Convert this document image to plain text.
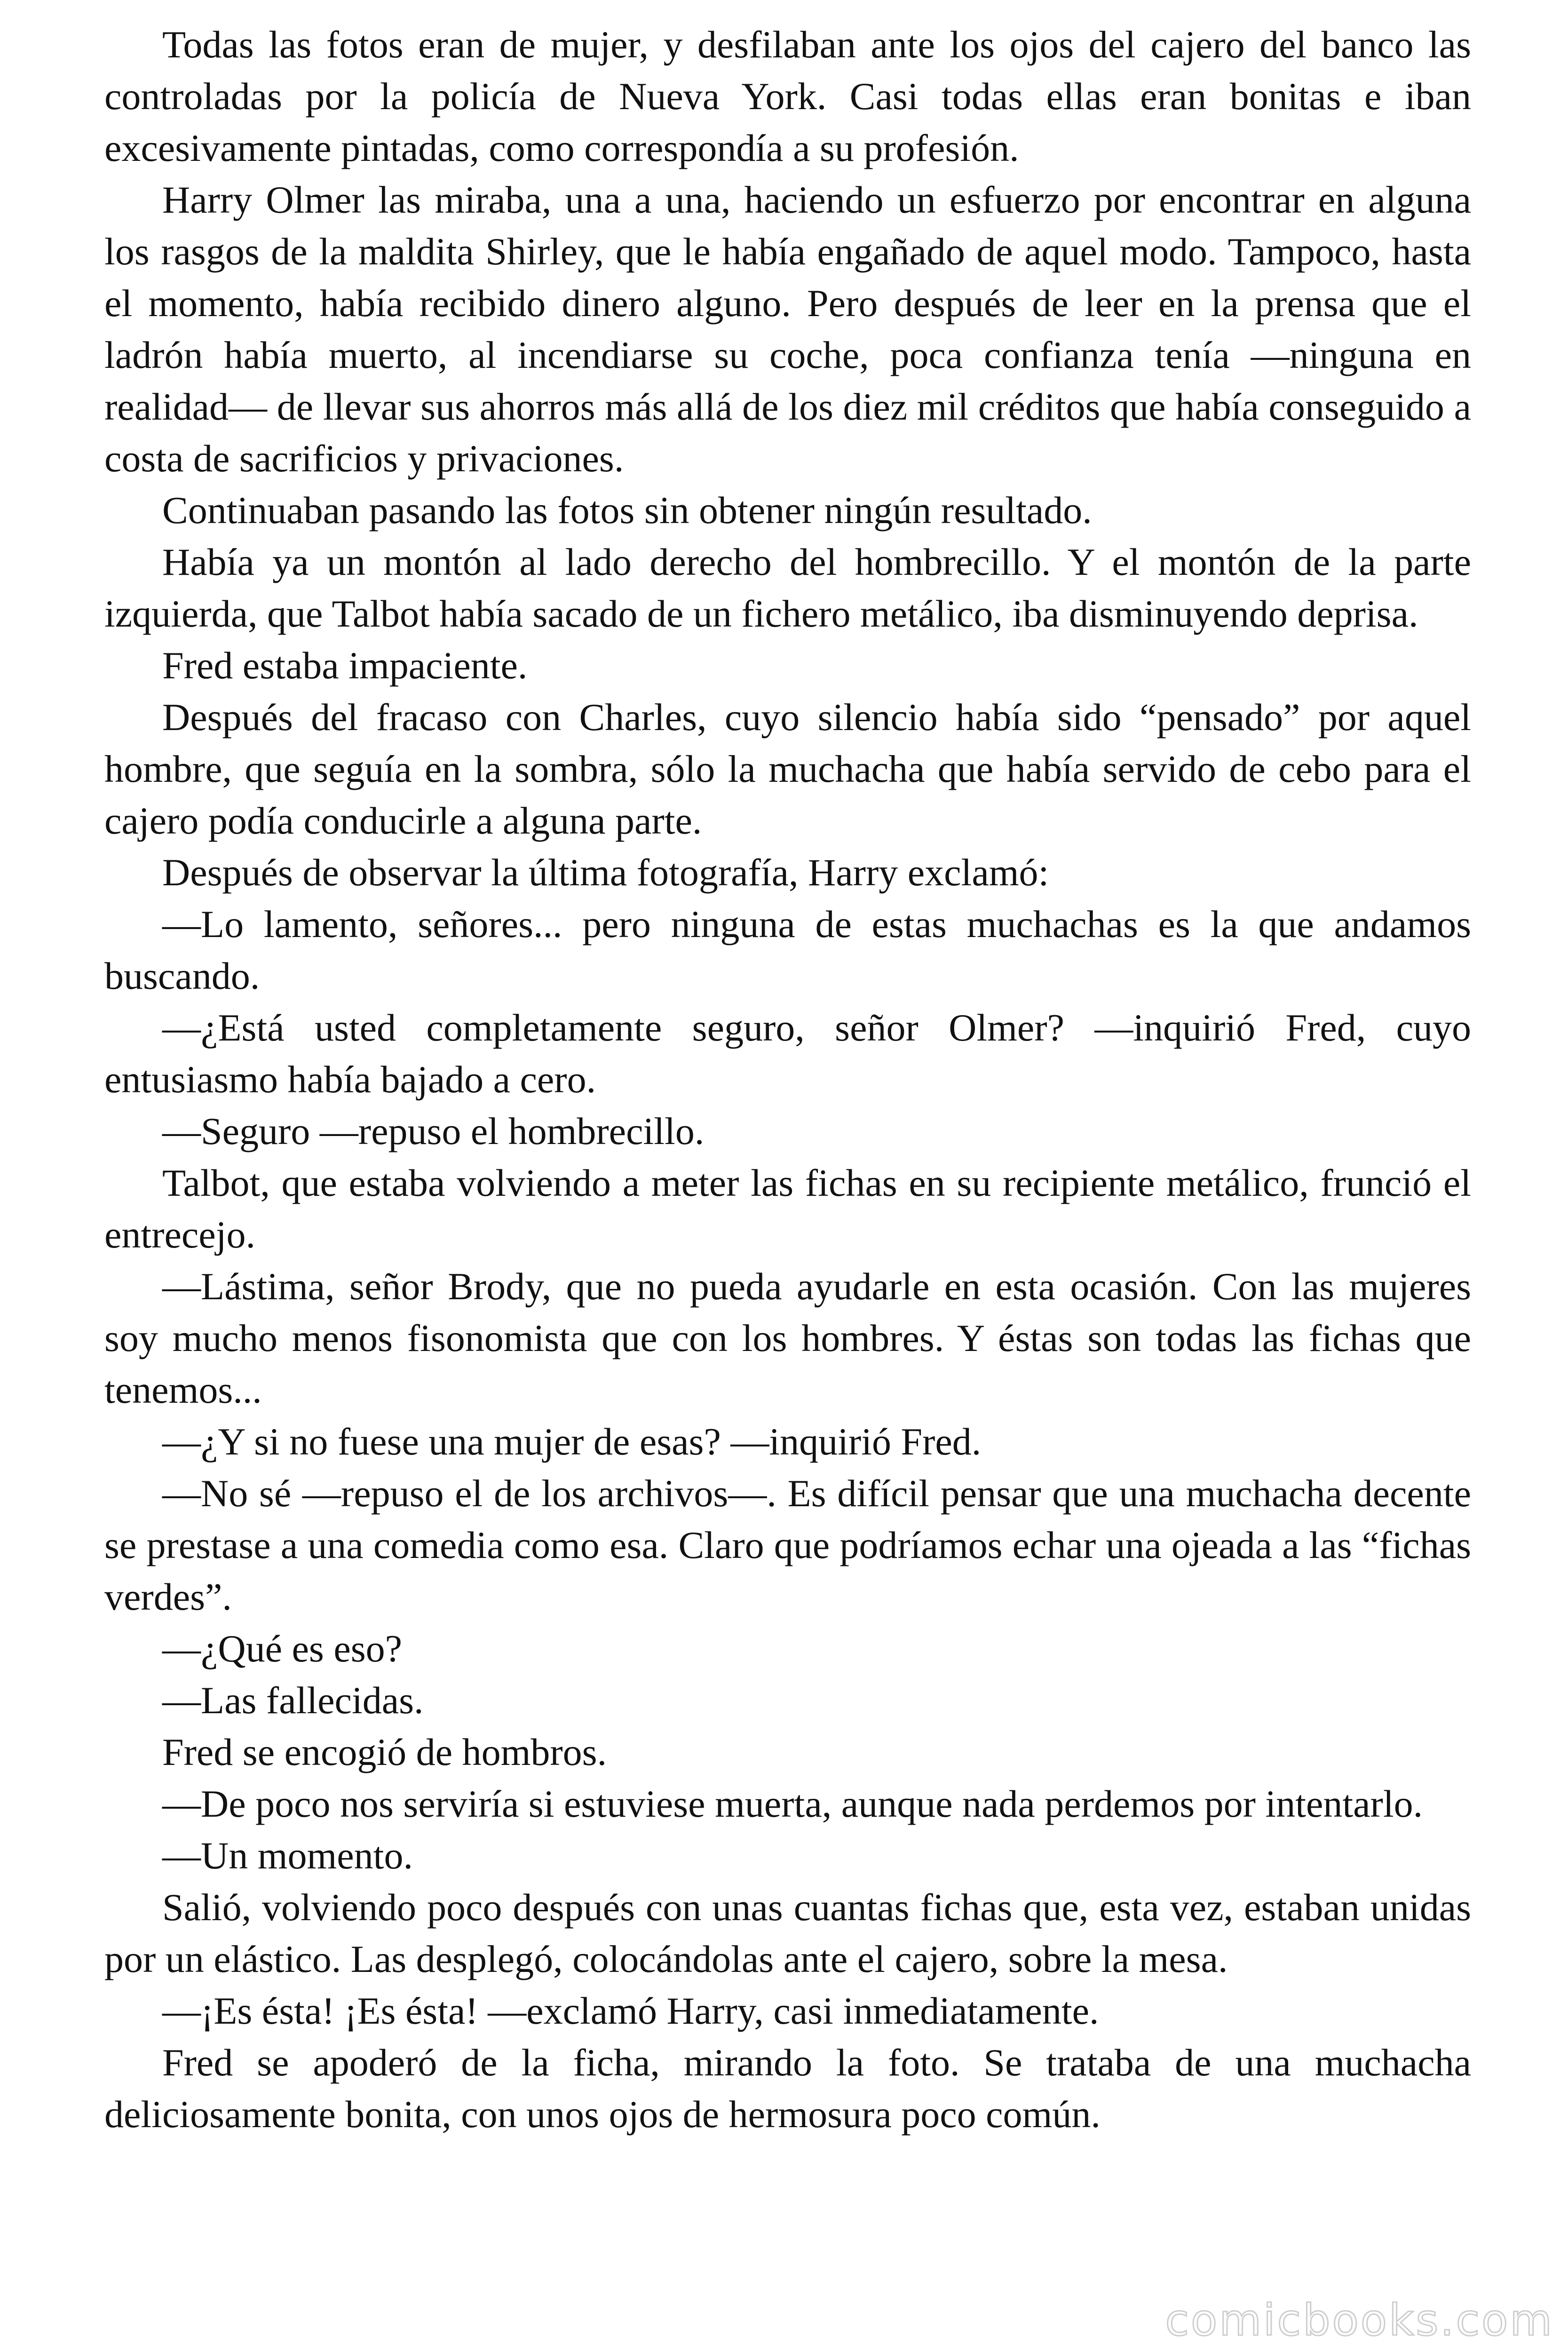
Todas las fotos eran de mujer, y desfilaban ante los ojos del cajero del banco las controladas por la policía de Nueva York. Casi todas ellas eran bonitas e iban excesivamente pintadas, como correspondía a su profesión.

Harry Olmer las miraba, una a una, haciendo un esfuerzo por encontrar en alguna los rasgos de la maldita Shirley, que le había engañado de aquel modo. Tampoco, hasta el momento, había recibido dinero alguno. Pero después de leer en la prensa que el ladrón había muerto, al incendiarse su coche, poca confianza tenía —ninguna en realidad— de llevar sus ahorros más allá de los diez mil créditos que había conseguido a costa de sacrificios y privaciones.

Continuaban pasando las fotos sin obtener ningún resultado.

Había ya un montón al lado derecho del hombrecillo. Y el montón de la parte izquierda, que Talbot había sacado de un fichero metálico, iba disminuyendo deprisa.

Fred estaba impaciente.

Después del fracaso con Charles, cuyo silencio había sido “pensado” por aquel hombre, que seguía en la sombra, sólo la muchacha que había servido de cebo para el cajero podía conducirle a alguna parte.

Después de observar la última fotografía, Harry exclamó:

—Lo lamento, señores... pero ninguna de estas muchachas es la que andamos buscando.

—¿Está usted completamente seguro, señor Olmer? —inquirió Fred, cuyo entusiasmo había bajado a cero.

—Seguro —repuso el hombrecillo.

Talbot, que estaba volviendo a meter las fichas en su recipiente metálico, frunció el entrecejo.

—Lástima, señor Brody, que no pueda ayudarle en esta ocasión. Con las mujeres soy mucho menos fisonomista que con los hombres. Y éstas son todas las fichas que tenemos...

—¿Y si no fuese una mujer de esas? —inquirió Fred.

—No sé —repuso el de los archivos—. Es difícil pensar que una muchacha decente se prestase a una comedia como esa. Claro que podríamos echar una ojeada a las “fichas verdes”.

—¿Qué es eso?

—Las fallecidas.

Fred se encogió de hombros.

—De poco nos serviría si estuviese muerta, aunque nada perdemos por intentarlo.

—Un momento.

Salió, volviendo poco después con unas cuantas fichas que, esta vez, estaban unidas por un elástico. Las desplegó, colocándolas ante el cajero, sobre la mesa.

—¡Es ésta! ¡Es ésta! —exclamó Harry, casi inmediatamente.

Fred se apoderó de la ficha, mirando la foto. Se trataba de una muchacha deliciosamente bonita, con unos ojos de hermosura poco común.

comicbooks.com
